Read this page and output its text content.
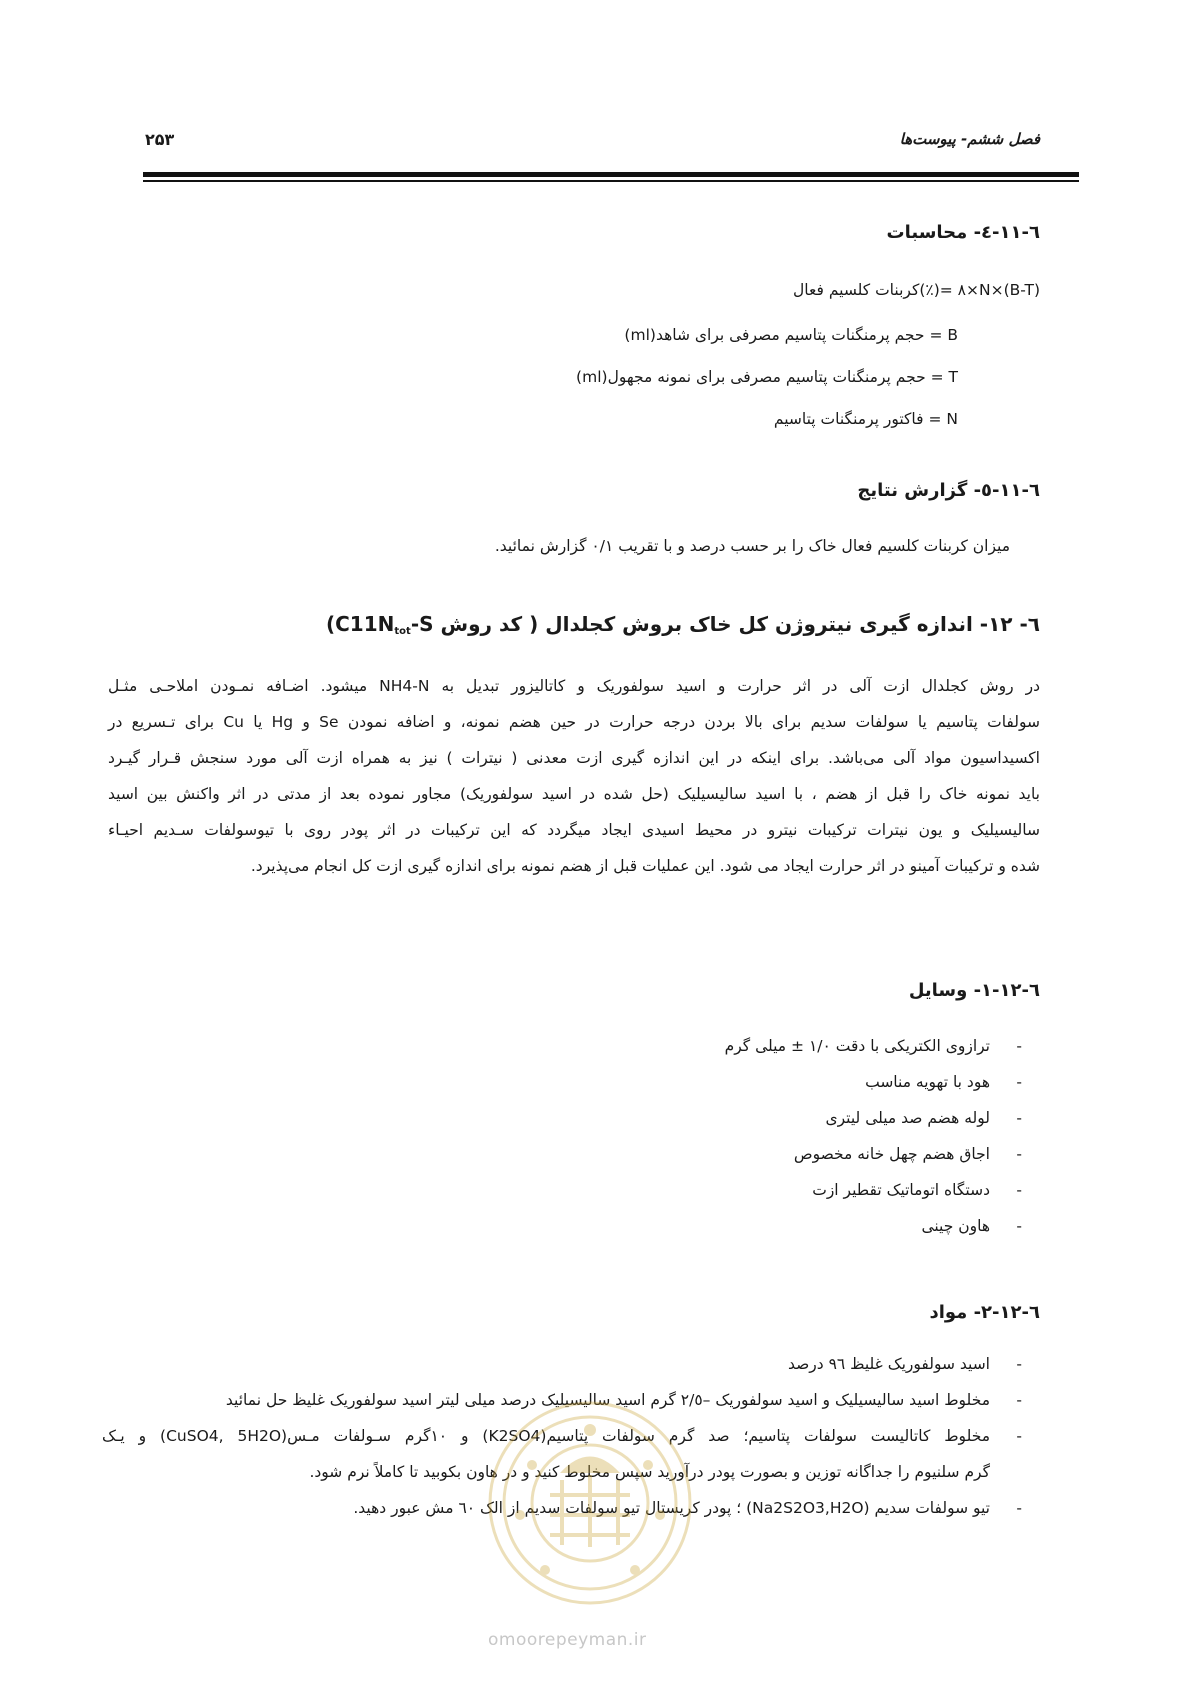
فصل ششم- پیوست‌ها
۲۵۳
٦-١١-٤- محاسبات
(B-T)×N×٨ =(٪)کربنات کلسیم فعال
B = حجم پرمنگنات پتاسیم مصرفی برای شاهد(ml)
T = حجم پرمنگنات پتاسیم مصرفی برای نمونه مجهول(ml)
N = فاکتور پرمنگنات پتاسیم
٦-١١-٥- گزارش نتایج
میزان کربنات کلسیم فعال خاک را بر حسب درصد و با تقریب ٠/١ گزارش نمائید.
٦- ١٢- اندازه گیری نیتروژن کل خاک بروش کجلدال ( کد روش $C11N_{tot}-S$)
در روش کجلدال ازت آلی در اثر حرارت و اسید سولفوریک و کاتالیزور تبدیل به NH4-N میشود. اضـافه نمـودن املاحـی مثـل
سولفات پتاسیم یا سولفات سدیم برای بالا بردن درجه حرارت در حین هضم نمونه، و اضافه نمودن Se و Hg یا Cu برای تـسریع در
اکسیداسیون مواد آلی می‌باشد. برای اینکه در این اندازه گیری ازت معدنی ( نیترات ) نیز به همراه ازت آلی مورد سنجش قـرار گیـرد
باید نمونه خاک را قبل از هضم ، با اسید سالیسیلیک (حل شده در اسید سولفوریک) مجاور نموده بعد از مدتی در اثر واکنش بین اسید
سالیسیلیک و یون نیترات ترکیبات نیترو در محیط اسیدی ایجاد میگردد که این ترکیبات در اثر پودر روی با تیوسولفات سـدیم احیـاء
شده و ترکیبات آمینو در اثر حرارت ایجاد می شود. این عملیات قبل از هضم نمونه برای اندازه گیری ازت کل انجام می‌پذیرد.
٦-١٢-١- وسایل
-
ترازوی الکتریکی با دقت ١/٠ ± میلی گرم
-
هود با تهویه مناسب
-
لوله هضم صد میلی لیتری
-
اجاق هضم چهل خانه مخصوص
-
دستگاه اتوماتیک تقطیر ازت
-
هاون چینی
٦-١٢-٢- مواد
-
اسید سولفوریک غلیظ ٩٦ درصد
-
مخلوط اسید سالیسیلیک و اسید سولفوریک –٢/٥ گرم اسید سالیسیلیک درصد میلی لیتر اسید سولفوریک غلیظ حل نمائید
-
مخلوط کاتالیست سولفات پتاسیم؛ صد گرم سولفات پتاسیم(K2SO4) و ١٠گرم سـولفات مـس(CuSO4, 5H2O) و یـک
گرم سلنیوم را جداگانه توزین و بصورت پودر درآورید سپس مخلوط کنید و در هاون بکوبید تا کاملاً نرم شود.
-
تیو سولفات سدیم (Na2S2O3,H2O) ؛ پودر کریستال تیو سولفات سدیم از الک ٦٠ مش عبور دهید.
omoorepeyman.ir
